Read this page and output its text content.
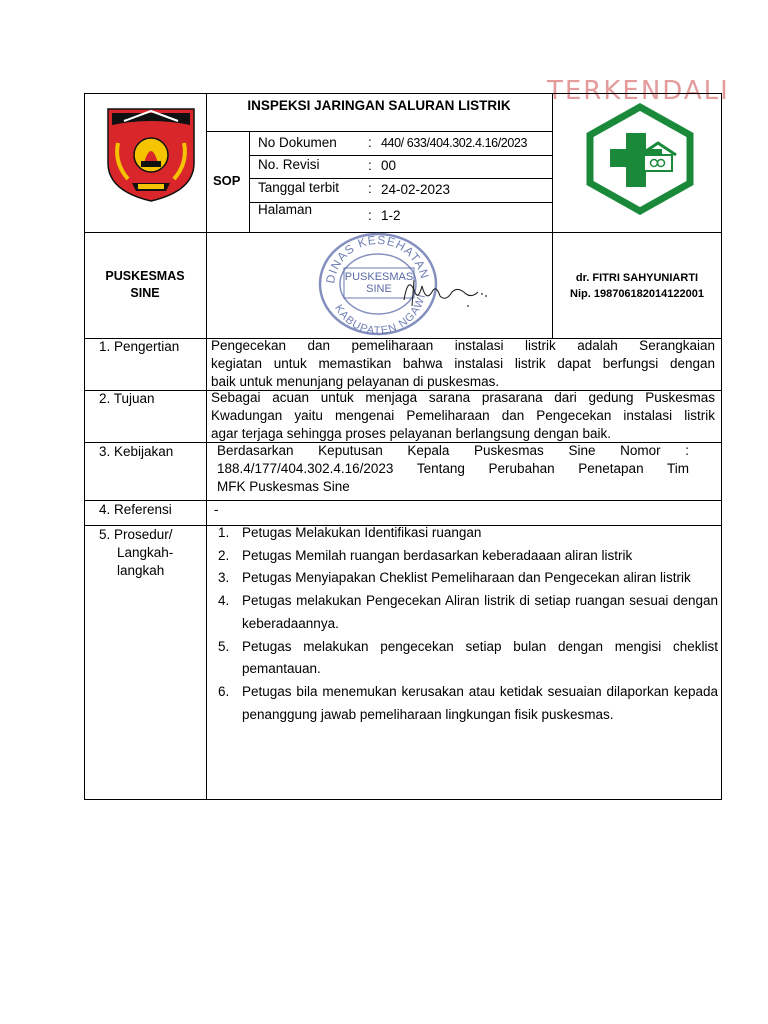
TERKENDALI
INSPEKSI JARINGAN SALURAN LISTRIK
SOP
No Dokumen : 440/ 633/404.302.4.16/2023
No. Revisi	: 00
Tanggal terbit : 24-02-2023
Halaman	: 1-2
PUSKESMAS
SINE
DINAS KESEHATAN
KABUPATEN NGAWI
PUSKESMAS
SINE
dr. FITRI SAHYUNIARTI
Nip. 198706182014122001
1. Pengertian Pengecekan dan pemeliharaan instalasi listrik adalah Serangkaian
kegiatan untuk memastikan bahwa instalasi listrik dapat berfungsi dengan
baik untuk menunjang pelayanan di puskesmas.
2. Tujuan	Sebagai acuan untuk menjaga sarana prasarana dari gedung Puskesmas
Kwadungan yaitu mengenai Pemeliharaan dan Pengecekan instalasi listrik
agar terjaga sehingga proses pelayanan berlangsung dengan baik.
3. Kebijakan	Berdasarkan Keputusan Kepala Puskesmas Sine Nomor :
188.4/177/404.302.4.16/2023 Tentang Perubahan Penetapan Tim
MFK Puskesmas Sine
4. Referensi	-
5. Prosedur/
Langkah-
langkah
1. Petugas Melakukan Identifikasi ruangan
2. Petugas Memilah ruangan berdasarkan keberadaaan aliran listrik
3. Petugas Menyiapakan Cheklist Pemeliharaan dan Pengecekan aliran listrik
4. Petugas melakukan Pengecekan Aliran listrik di setiap ruangan sesuai dengan keberadaannya.
5. Petugas melakukan pengecekan setiap bulan dengan mengisi cheklist pemantauan.
6. Petugas bila menemukan kerusakan atau ketidak sesuaian dilaporkan kepada penanggung jawab pemeliharaan lingkungan fisik puskesmas.
